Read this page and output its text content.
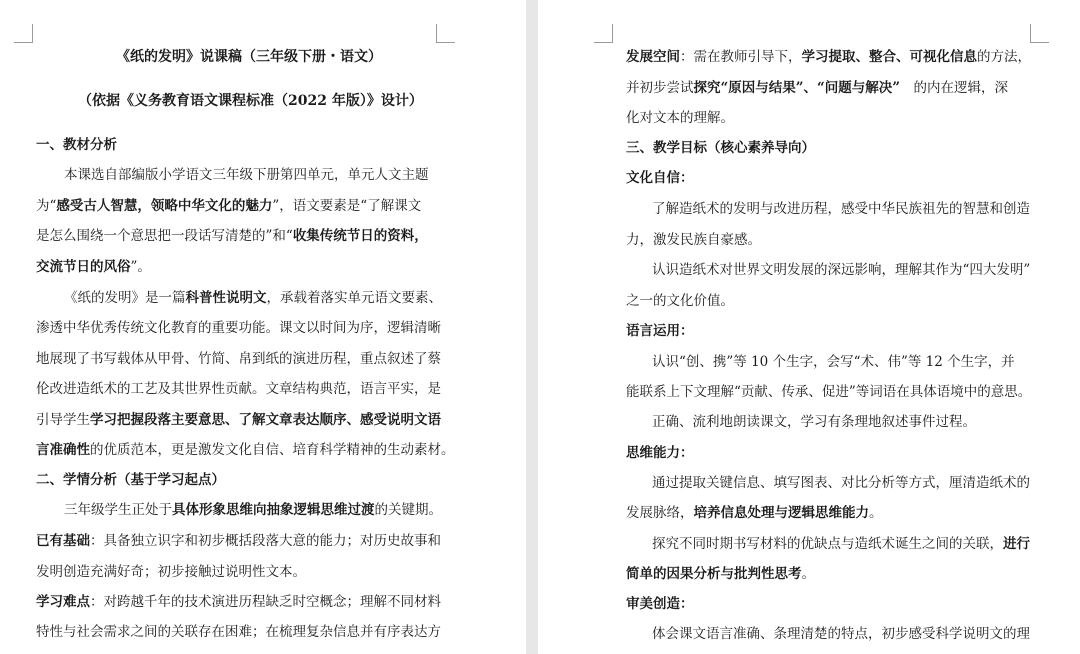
《纸的发明》说课稿（三年级下册・语文）

（依据《义务教育语文课程标准（2022 年版）》设计）

一、教材分析

本课选自部编版小学语文三年级下册第四单元，单元人文主题

为“感受古人智慧，领略中华文化的魅力”，语文要素是“了解课文

是怎么围绕一个意思把一段话写清楚的”和“收集传统节日的资料，

交流节日的风俗”。

《纸的发明》是一篇科普性说明文，承载着落实单元语文要素、

渗透中华优秀传统文化教育的重要功能。课文以时间为序，逻辑清晰

地展现了书写载体从甲骨、竹简、帛到纸的演进历程，重点叙述了蔡

伦改进造纸术的工艺及其世界性贡献。文章结构典范，语言平实，是

引导学生学习把握段落主要意思、了解文章表达顺序、感受说明文语

言准确性的优质范本，更是激发文化自信、培育科学精神的生动素材。

二、学情分析（基于学习起点）

三年级学生正处于具体形象思维向抽象逻辑思维过渡的关键期。

已有基础：具备独立识字和初步概括段落大意的能力；对历史故事和

发明创造充满好奇；初步接触过说明性文本。

学习难点：对跨越千年的技术演进历程缺乏时空概念；理解不同材料

特性与社会需求之间的关联存在困难；在梳理复杂信息并有序表达方

发展空间：需在教师引导下，学习提取、整合、可视化信息的方法，

并初步尝试探究“原因与结果”、“问题与解决”　的内在逻辑，深

化对文本的理解。

三、教学目标（核心素养导向）

文化自信：

了解造纸术的发明与改进历程，感受中华民族祖先的智慧和创造

力，激发民族自豪感。

认识造纸术对世界文明发展的深远影响，理解其作为“四大发明”

之一的文化价值。

语言运用：

认识“创、携”等 10 个生字，会写“术、伟”等 12 个生字，并

能联系上下文理解“贡献、传承、促进”等词语在具体语境中的意思。

正确、流利地朗读课文，学习有条理地叙述事件过程。

思维能力：

通过提取关键信息、填写图表、对比分析等方式，厘清造纸术的

发展脉络，培养信息处理与逻辑思维能力。

探究不同时期书写材料的优缺点与造纸术诞生之间的关联，进行

简单的因果分析与批判性思考。

审美创造：

体会课文语言准确、条理清楚的特点，初步感受科学说明文的理
